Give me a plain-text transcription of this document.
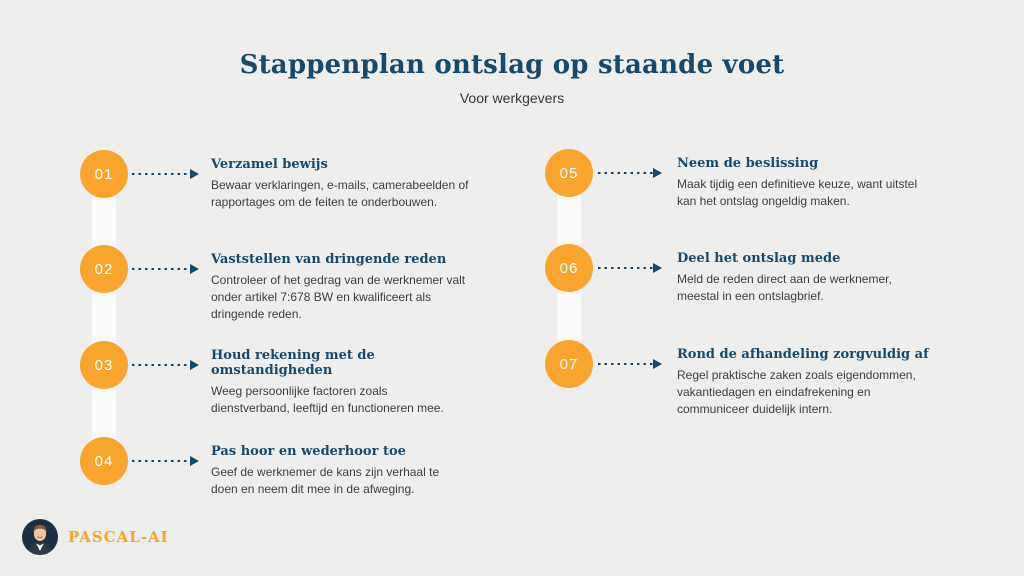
Stappenplan ontslag op staande voet

Voor werkgevers

01
Verzamel bewijs

Bewaar verklaringen, e-mails, camerabeelden of rapportages om de feiten te onderbouwen.

02
Vaststellen van dringende reden

Controleer of het gedrag van de werknemer valt onder artikel 7:678 BW en kwalificeert als dringende reden.

03
Houd rekening met de omstandigheden

Weeg persoonlijke factoren zoals dienstverband, leeftijd en functioneren mee.

04
Pas hoor en wederhoor toe

Geef de werknemer de kans zijn verhaal te doen en neem dit mee in de afweging.

05
Neem de beslissing

Maak tijdig een definitieve keuze, want uitstel kan het ontslag ongeldig maken.

06
Deel het ontslag mede

Meld de reden direct aan de werknemer, meestal in een ontslagbrief.

07
Rond de afhandeling zorgvuldig af

Regel praktische zaken zoals eigendommen, vakantiedagen en eindafrekening en communiceer duidelijk intern.

PASCAL-AI
